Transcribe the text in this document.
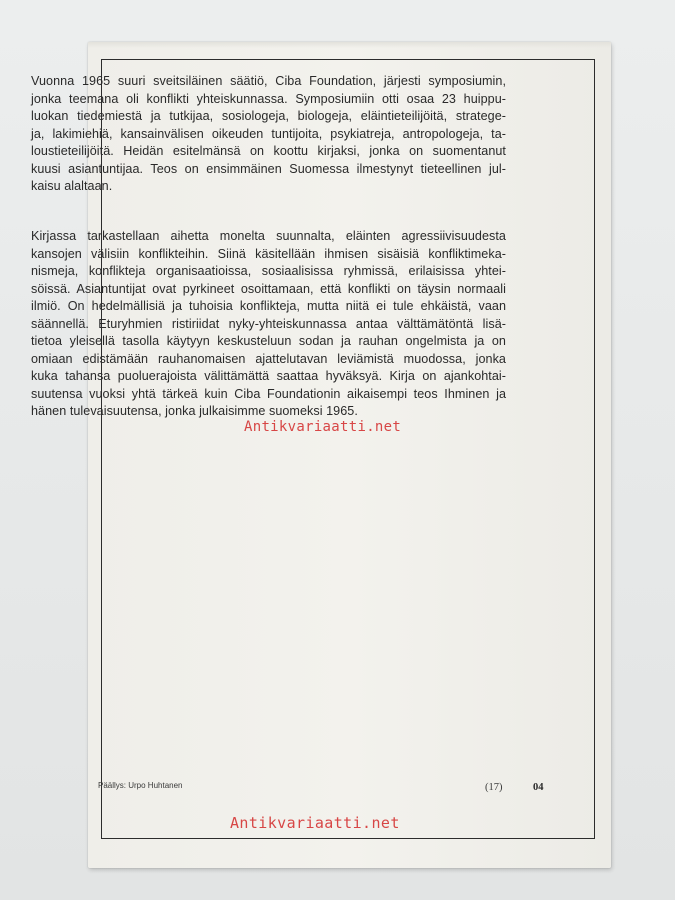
Vuonna 1965 suuri sveitsiläinen säätiö, Ciba Foundation, järjesti symposiumin,
jonka teemana oli konflikti yhteiskunnassa. Symposiumiin otti osaa 23 huippu-
luokan tiedemiestä ja tutkijaa, sosiologeja, biologeja, eläintieteilijöitä, stratege-
ja, lakimiehiä, kansainvälisen oikeuden tuntijoita, psykiatreja, antropologeja, ta-
loustieteilijöitä. Heidän esitelmänsä on koottu kirjaksi, jonka on suomentanut
kuusi asiantuntijaa. Teos on ensimmäinen Suomessa ilmestynyt tieteellinen jul-
kaisu alaltaan.
Kirjassa tarkastellaan aihetta monelta suunnalta, eläinten agressiivisuudesta
kansojen välisiin konflikteihin. Siinä käsitellään ihmisen sisäisiä konfliktimeka-
nismeja, konflikteja organisaatioissa, sosiaalisissa ryhmissä, erilaisissa yhtei-
söissä. Asiantuntijat ovat pyrkineet osoittamaan, että konflikti on täysin normaali
ilmiö. On hedelmällisiä ja tuhoisia konflikteja, mutta niitä ei tule ehkäistä, vaan
säännellä. Eturyhmien ristiriidat nyky-yhteiskunnassa antaa välttämätöntä lisä-
tietoa yleisellä tasolla käytyyn keskusteluun sodan ja rauhan ongelmista ja on
omiaan edistämään rauhanomaisen ajattelutavan leviämistä muodossa, jonka
kuka tahansa puoluerajoista välittämättä saattaa hyväksyä. Kirja on ajankohtai-
suutensa vuoksi yhtä tärkeä kuin Ciba Foundationin aikaisempi teos Ihminen ja
hänen tulevaisuutensa, jonka julkaisimme suomeksi 1965.
Antikvariaatti.net
Päällys: Urpo Huhtanen	(17)	04
Antikvariaatti.net
